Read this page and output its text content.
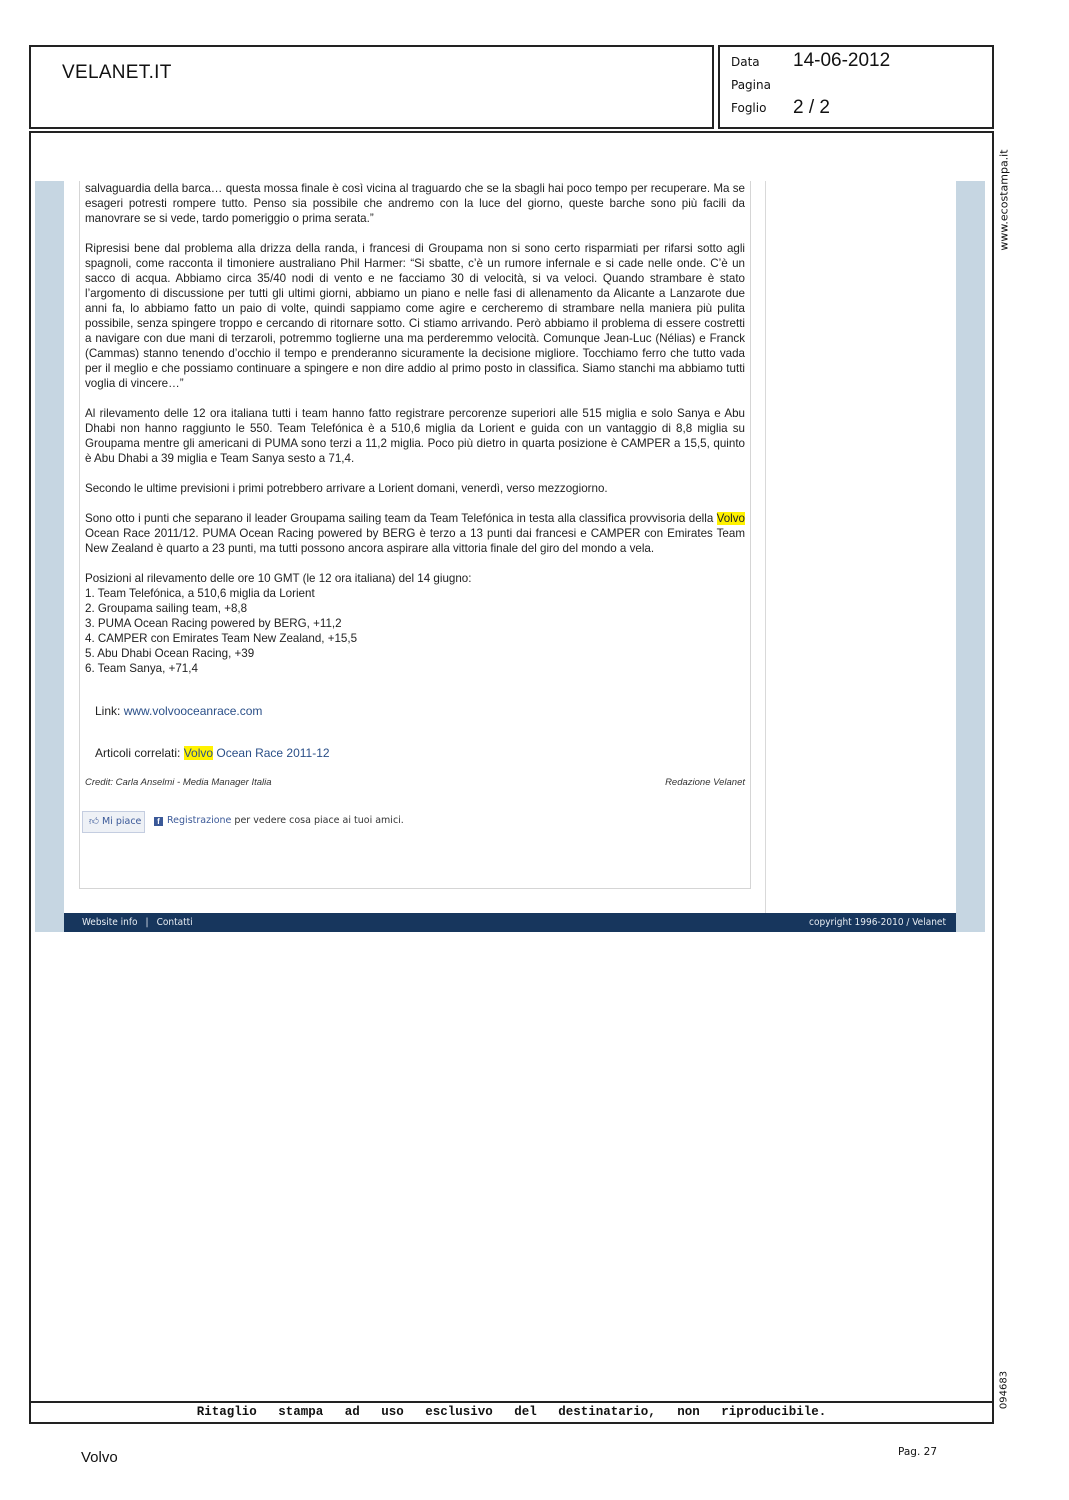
VELANET.IT	Data 14-06-2012
Pagina
Foglio 2 / 2
www.ecostampa.it
094683
Ritaglio stampa ad uso esclusivo del destinatario, non riproducibile.

salvaguardia della barca… questa mossa finale è così vicina al traguardo che se la sbagli hai poco tempo per recuperare. Ma se esageri potresti rompere tutto. Penso sia possibile che andremo con la luce del giorno, queste barche sono più facili da manovrare se si vede, tardo pomeriggio o prima serata.”

Ripresisi bene dal problema alla drizza della randa, i francesi di Groupama non si sono certo risparmiati per rifarsi sotto agli spagnoli, come racconta il timoniere australiano Phil Harmer: “Si sbatte, c’è un rumore infernale e si cade nelle onde. C’è un sacco di acqua. Abbiamo circa 35/40 nodi di vento e ne facciamo 30 di velocità, si va veloci. Quando strambare è stato l’argomento di discussione per tutti gli ultimi giorni, abbiamo un piano e nelle fasi di allenamento da Alicante a Lanzarote due anni fa, lo abbiamo fatto un paio di volte, quindi sappiamo come agire e cercheremo di strambare nella maniera più pulita possibile, senza spingere troppo e cercando di ritornare sotto. Ci stiamo arrivando. Però abbiamo il problema di essere costretti a navigare con due mani di terzaroli, potremmo toglierne una ma perderemmo velocità. Comunque Jean-Luc (Nélias) e Franck (Cammas) stanno tenendo d’occhio il tempo e prenderanno sicuramente la decisione migliore. Tocchiamo ferro che tutto vada per il meglio e che possiamo continuare a spingere e non dire addio al primo posto in classifica. Siamo stanchi ma abbiamo tutti voglia di vincere…”

Al rilevamento delle 12 ora italiana tutti i team hanno fatto registrare percorenze superiori alle 515 miglia e solo Sanya e Abu Dhabi non hanno raggiunto le 550. Team Telefónica è a 510,6 miglia da Lorient e guida con un vantaggio di 8,8 miglia su Groupama mentre gli americani di PUMA sono terzi a 11,2 miglia. Poco più dietro in quarta posizione è CAMPER a 15,5, quinto è Abu Dhabi a 39 miglia e Team Sanya sesto a 71,4.

Secondo le ultime previsioni i primi potrebbero arrivare a Lorient domani, venerdì, verso mezzogiorno.

Sono otto i punti che separano il leader Groupama sailing team da Team Telefónica in testa alla classifica provvisoria della Volvo Ocean Race 2011/12. PUMA Ocean Racing powered by BERG è terzo a 13 punti dai francesi e CAMPER con Emirates Team New Zealand è quarto a 23 punti, ma tutti possono ancora aspirare alla vittoria finale del giro del mondo a vela.

Posizioni al rilevamento delle ore 10 GMT (le 12 ora italiana) del 14 giugno:

1. Team Telefónica, a 510,6 miglia da Lorient

2. Groupama sailing team, +8,8

3. PUMA Ocean Racing powered by BERG, +11,2

4. CAMPER con Emirates Team New Zealand, +15,5

5. Abu Dhabi Ocean Racing, +39

6. Team Sanya, +71,4

Link: www.volvooceanrace.com
Articoli correlati: Volvo Ocean Race 2011-12
Credit: Carla Anselmi - Media Manager Italia	Redazione Velanet
👍︎ Mi piace	f Registrazione per vedere cosa piace ai tuoi amici.
Website info | Contatti	copyright 1996-2010 / Velanet
Volvo	Pag. 27
